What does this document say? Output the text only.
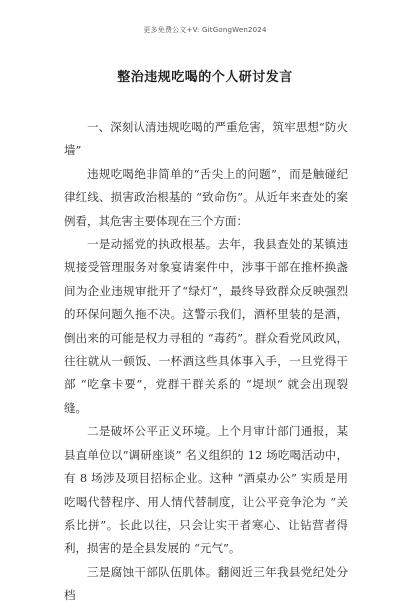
更多免费公文+V: GitGongWen2024
整治违规吃喝的个人研讨发言

一、深刻认清违规吃喝的严重危害，筑牢思想“防火墙”

违规吃喝绝非简单的“舌尖上的问题”，而是触碰纪律红线、损害政治根基的 “致命伤”。从近年来查处的案例看，其危害主要体现在三个方面：

一是动摇党的执政根基。去年，我县查处的某镇违规接受管理服务对象宴请案件中，涉事干部在推杯换盏间为企业违规审批开了“绿灯”，最终导致群众反映强烈的环保问题久拖不决。这警示我们，酒杯里装的是酒，倒出来的可能是权力寻租的 “毒药”。群众看党风政风，往往就从一顿饭、一杯酒这些具体事入手，一旦党得干部 “吃拿卡要”，党群干群关系的 “堤坝” 就会出现裂缝。

二是破坏公平正义环境。上个月审计部门通报，某县直单位以“调研座谈” 名义组织的 12 场吃喝活动中，有 8 场涉及项目招标企业。这种 “酒桌办公” 实质是用吃喝代替程序、用人情代替制度，让公平竞争沦为 “关系比拼”。长此以往，只会让实干者寒心、让钻营者得利，损害的是全县发展的 “元气”。

三是腐蚀干部队伍肌体。翻阅近三年我县党纪处分档
